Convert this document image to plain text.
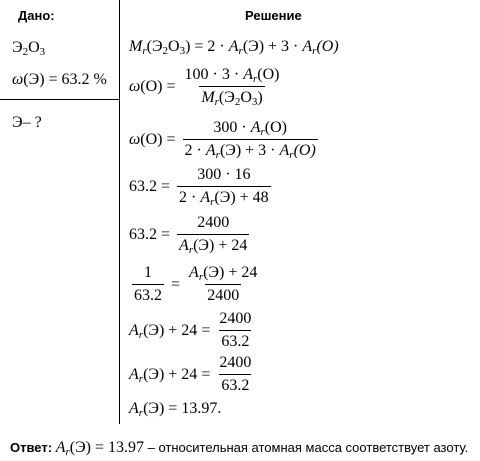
Дано:	Решение
$Э_2O_3$
ω(Э) = 63.2 %
Э– ?
$M_r(Э_2O_3) = 2 \cdot A_r(Э) + 3 \cdot A_r(O)$
$\omega(O) = \frac{100 \cdot 3 \cdot A_r(O)}{M_r(Э_2O_3)}$
$\omega(O) = \frac{300 \cdot A_r(O)}{2 \cdot A_r(Э) + 3 \cdot A_r(O)}$
$63.2 = \frac{300 \cdot 16}{2 \cdot A_r(Э) + 48}$
$63.2 = \frac{2400}{A_r(Э) + 24}$
$\frac{1}{63.2} = \frac{A_r(Э) + 24}{2400}$
$A_r(Э) + 24 = \frac{2400}{63.2}$
$A_r(Э) + 24 = \frac{2400}{63.2}$
$A_r(Э) = 13.97$.
Ответ: $A_r(Э) = 13.97$ – относительная атомная масса соответствует азоту.
